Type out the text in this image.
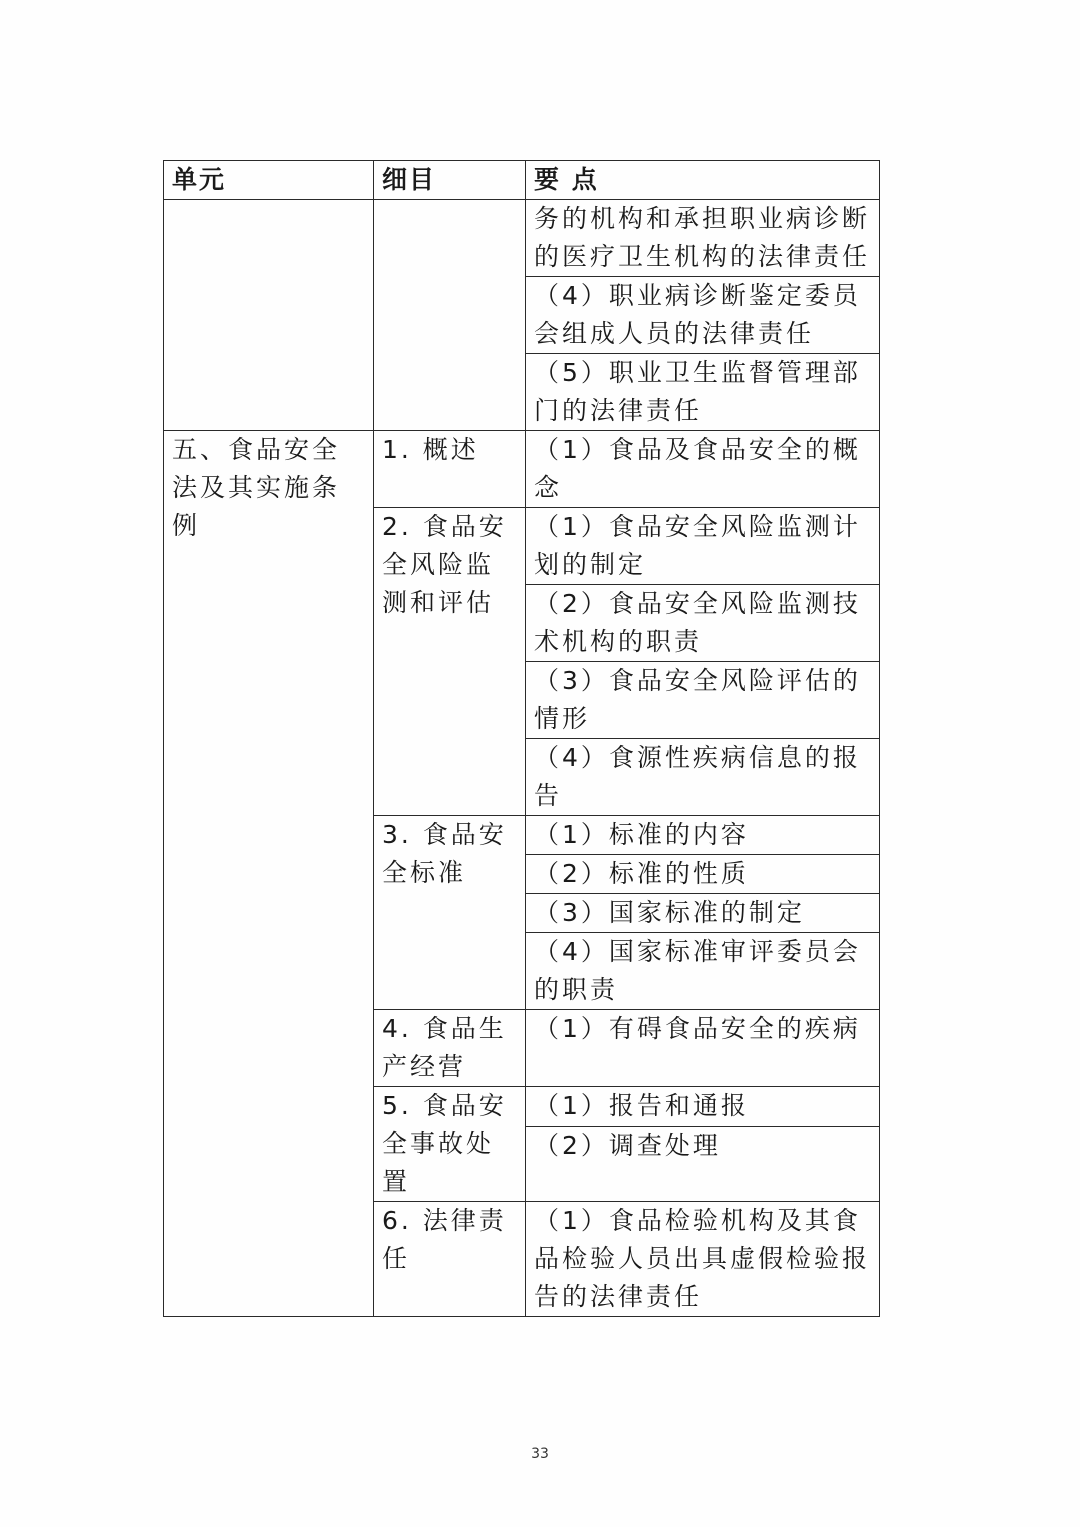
单元	细目	要 点
		务的机构和承担职业病诊断的医疗卫生机构的法律责任
		（4）职业病诊断鉴定委员会组成人员的法律责任
		（5）职业卫生监督管理部门的法律责任
五、食品安全法及其实施条例	1. 概述	（1）食品及食品安全的概念
	2. 食品安全风险监测和评估	（1）食品安全风险监测计划的制定
		（2）食品安全风险监测技术机构的职责
		（3）食品安全风险评估的情形
		（4）食源性疾病信息的报告
	3. 食品安全标准	（1）标准的内容
		（2）标准的性质
		（3）国家标准的制定
		（4）国家标准审评委员会的职责
	4. 食品生产经营	（1）有碍食品安全的疾病
	5. 食品安全事故处置	（1）报告和通报
		（2）调查处理
	6. 法律责任	（1）食品检验机构及其食品检验人员出具虚假检验报告的法律责任
33
